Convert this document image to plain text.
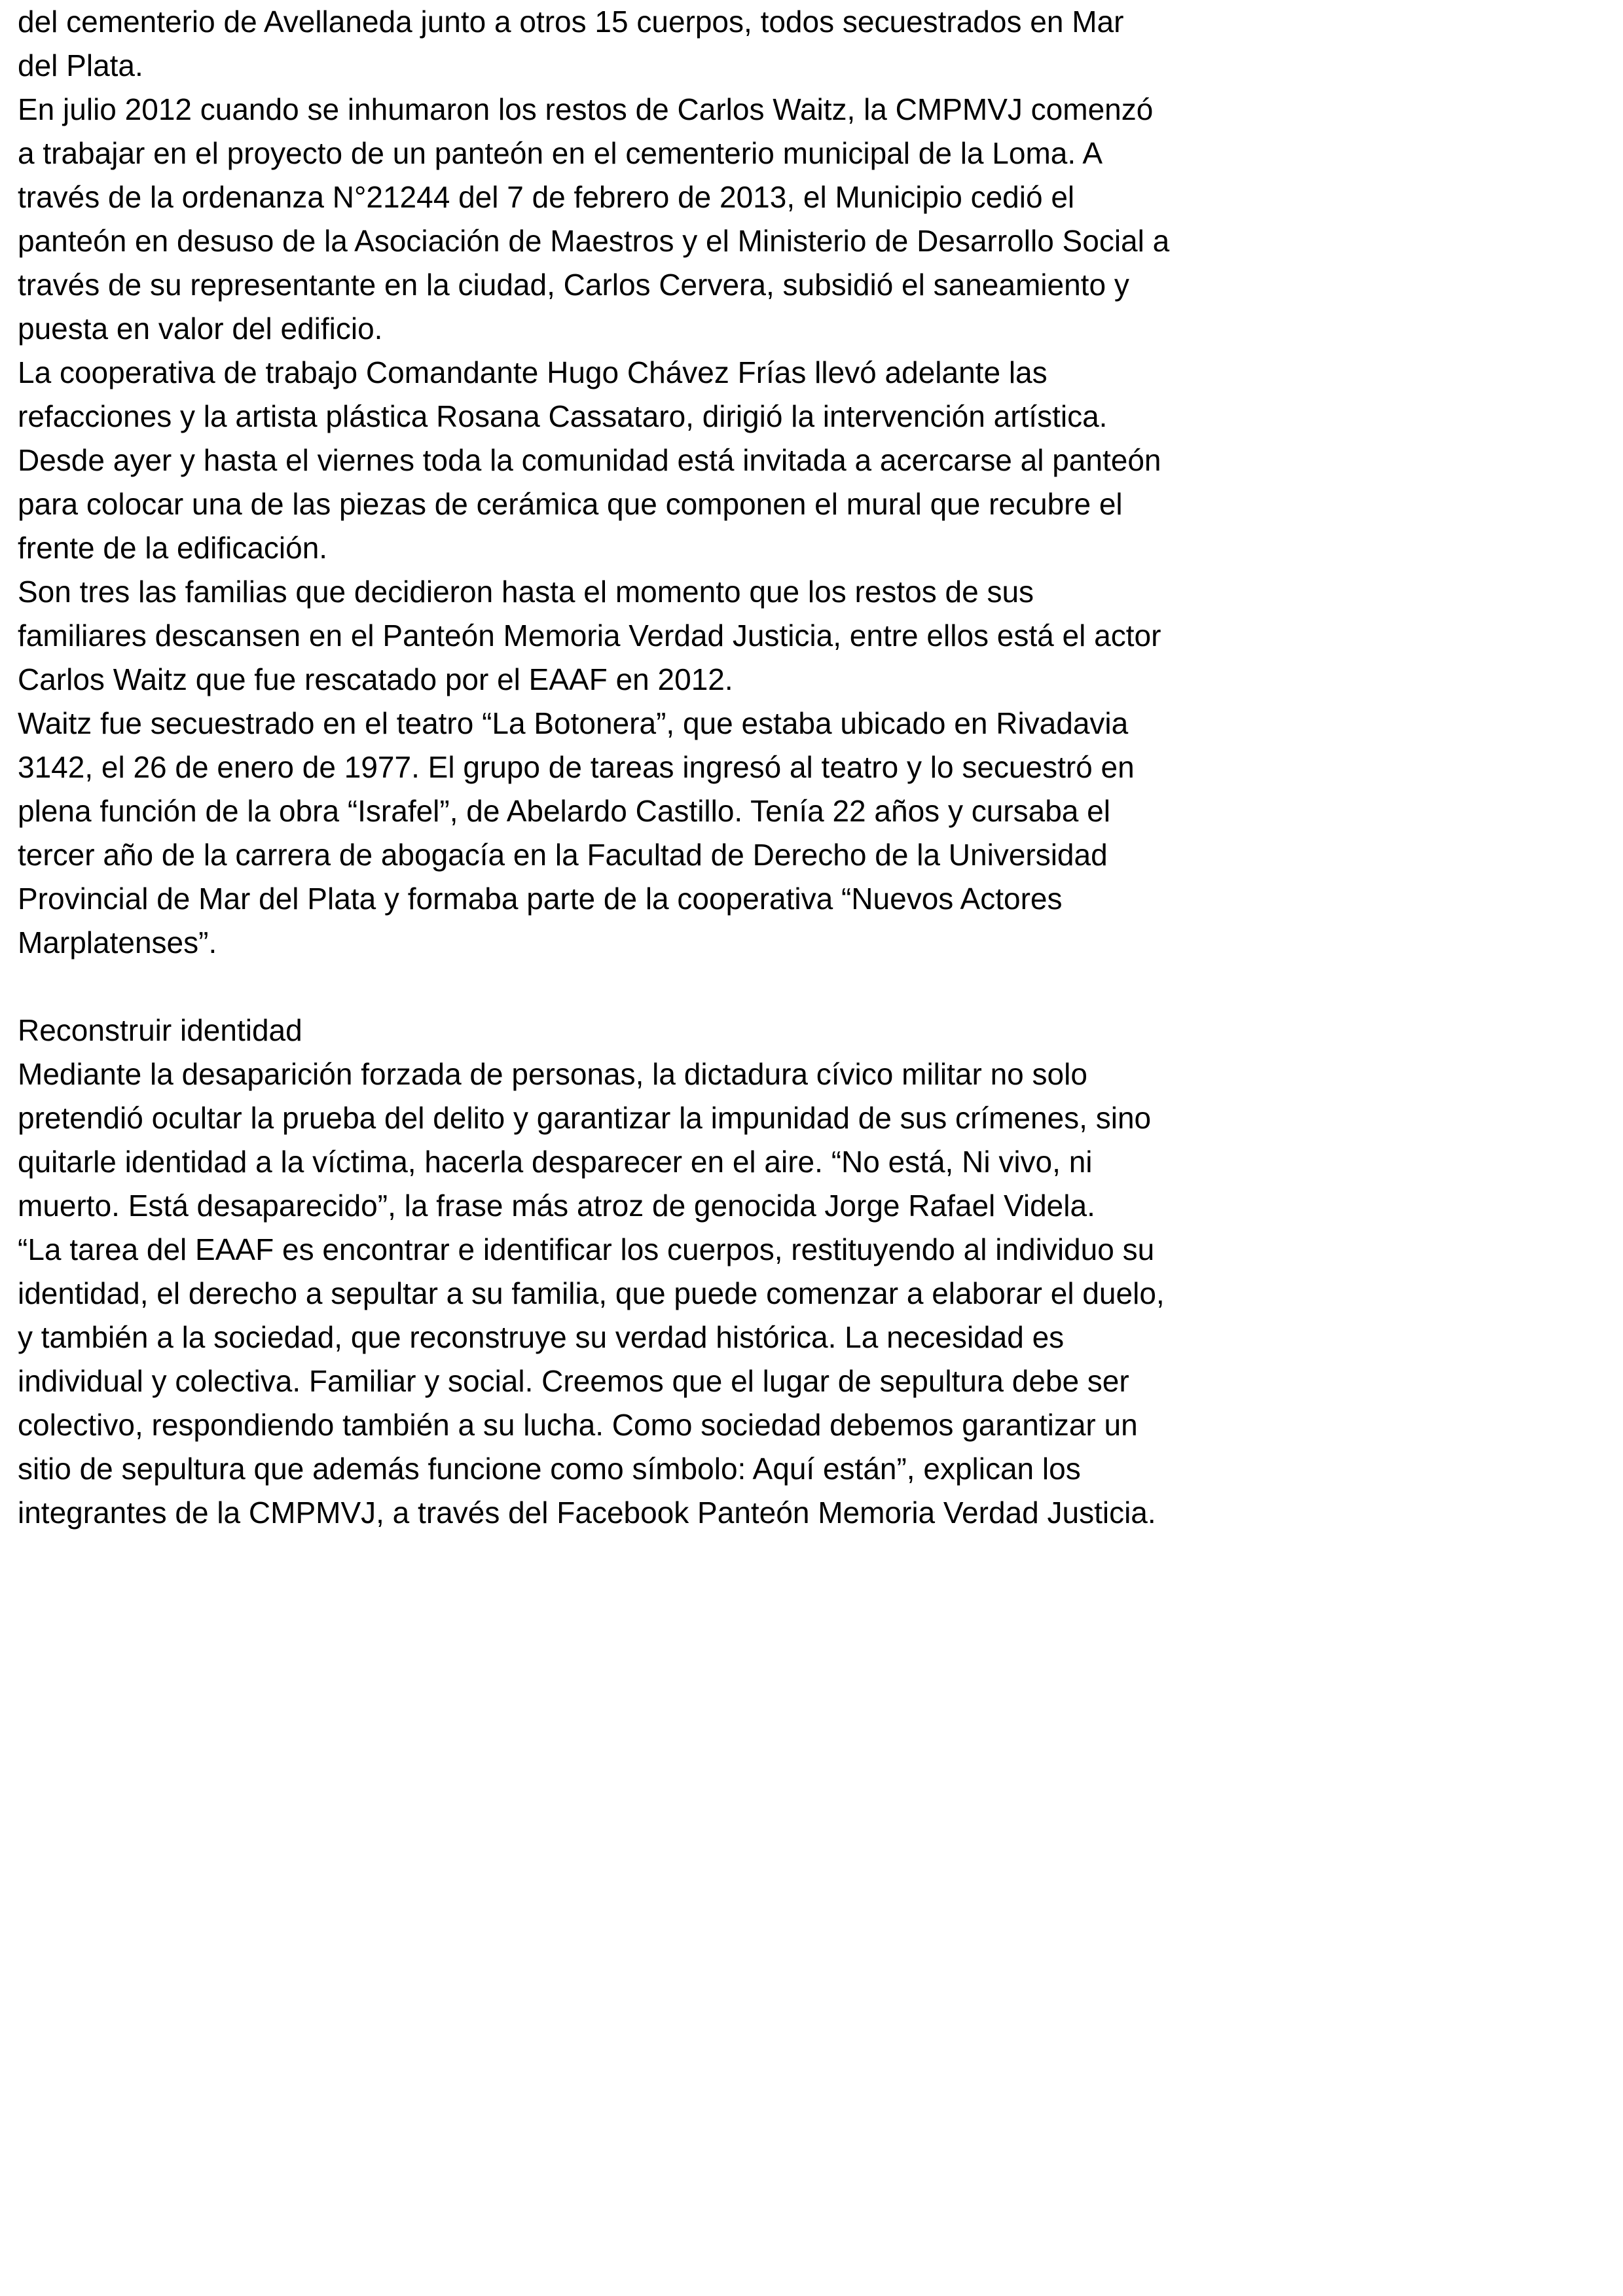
del cementerio de Avellaneda junto a otros 15 cuerpos, todos secuestrados en Mar
del Plata.
En julio 2012 cuando se inhumaron los restos de Carlos Waitz, la CMPMVJ comenzó
a trabajar en el proyecto de un panteón en el cementerio municipal de la Loma. A
través de la ordenanza N°21244 del 7 de febrero de 2013, el Municipio cedió el
panteón en desuso de la Asociación de Maestros y el Ministerio de Desarrollo Social a
través de su representante en la ciudad, Carlos Cervera, subsidió el saneamiento y
puesta en valor del edificio.
La cooperativa de trabajo Comandante Hugo Chávez Frías llevó adelante las
refacciones y la artista plástica Rosana Cassataro, dirigió la intervención artística.
Desde ayer y hasta el viernes toda la comunidad está invitada a acercarse al panteón
para colocar una de las piezas de cerámica que componen el mural que recubre el
frente de la edificación.
Son tres las familias que decidieron hasta el momento que los restos de sus
familiares descansen en el Panteón Memoria Verdad Justicia, entre ellos está el actor
Carlos Waitz que fue rescatado por el EAAF en 2012.
Waitz fue secuestrado en el teatro “La Botonera”, que estaba ubicado en Rivadavia
3142, el 26 de enero de 1977. El grupo de tareas ingresó al teatro y lo secuestró en
plena función de la obra “Israfel”, de Abelardo Castillo. Tenía 22 años y cursaba el
tercer año de la carrera de abogacía en la Facultad de Derecho de la Universidad
Provincial de Mar del Plata y formaba parte de la cooperativa “Nuevos Actores
Marplatenses”.
Reconstruir identidad
Mediante la desaparición forzada de personas, la dictadura cívico militar no solo
pretendió ocultar la prueba del delito y garantizar la impunidad de sus crímenes, sino
quitarle identidad a la víctima, hacerla desparecer en el aire. “No está, Ni vivo, ni
muerto. Está desaparecido”, la frase más atroz de genocida Jorge Rafael Videla.
“La tarea del EAAF es encontrar e identificar los cuerpos, restituyendo al individuo su
identidad, el derecho a sepultar a su familia, que puede comenzar a elaborar el duelo,
y también a la sociedad, que reconstruye su verdad histórica. La necesidad es
individual y colectiva. Familiar y social. Creemos que el lugar de sepultura debe ser
colectivo, respondiendo también a su lucha. Como sociedad debemos garantizar un
sitio de sepultura que además funcione como símbolo: Aquí están”, explican los
integrantes de la CMPMVJ, a través del Facebook Panteón Memoria Verdad Justicia.
